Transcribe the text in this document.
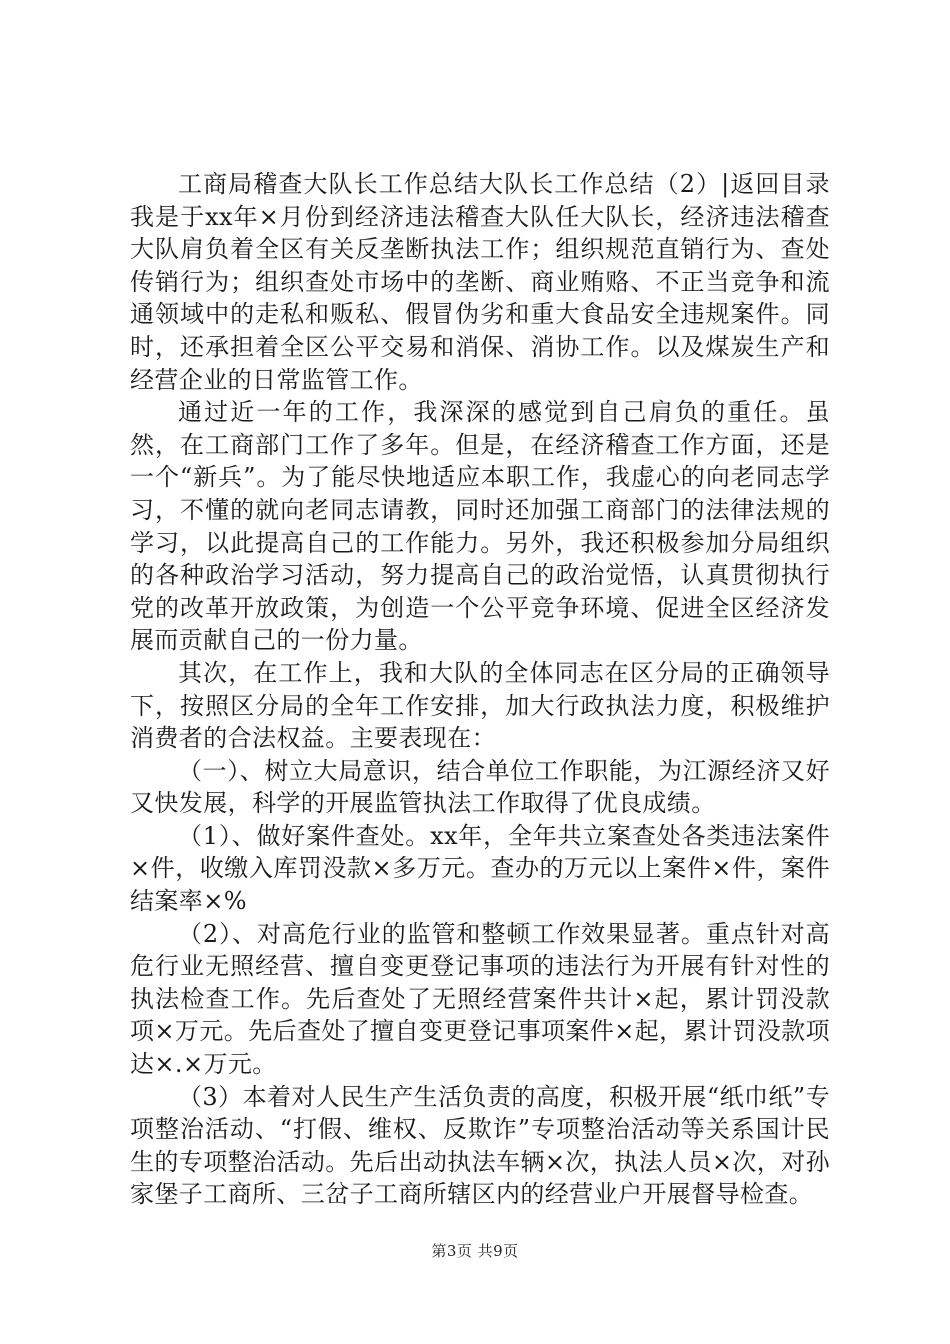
工商局稽查大队长工作总结大队长工作总结（2）|返回目录我是于xx年×月份到经济违法稽查大队任大队长，经济违法稽查大队肩负着全区有关反垄断执法工作；组织规范直销行为、查处传销行为；组织查处市场中的垄断、商业贿赂、不正当竞争和流通领域中的走私和贩私、假冒伪劣和重大食品安全违规案件。同时，还承担着全区公平交易和消保、消协工作。以及煤炭生产和经营企业的日常监管工作。

通过近一年的工作，我深深的感觉到自己肩负的重任。虽然，在工商部门工作了多年。但是，在经济稽查工作方面，还是一个“新兵”。为了能尽快地适应本职工作，我虚心的向老同志学习，不懂的就向老同志请教，同时还加强工商部门的法律法规的学习，以此提高自己的工作能力。另外，我还积极参加分局组织的各种政治学习活动，努力提高自己的政治觉悟，认真贯彻执行党的改革开放政策，为创造一个公平竞争环境、促进全区经济发展而贡献自己的一份力量。

其次，在工作上，我和大队的全体同志在区分局的正确领导下，按照区分局的全年工作安排，加大行政执法力度，积极维护消费者的合法权益。主要表现在：

（一）、树立大局意识，结合单位工作职能，为江源经济又好又快发展，科学的开展监管执法工作取得了优良成绩。

（1）、做好案件查处。xx年，全年共立案查处各类违法案件×件，收缴入库罚没款×多万元。查办的万元以上案件×件，案件结案率×%

（2）、对高危行业的监管和整顿工作效果显著。重点针对高危行业无照经营、擅自变更登记事项的违法行为开展有针对性的执法检查工作。先后查处了无照经营案件共计×起，累计罚没款项×万元。先后查处了擅自变更登记事项案件×起，累计罚没款项达×.×万元。

（3）本着对人民生产生活负责的高度，积极开展“纸巾纸”专项整治活动、“打假、维权、反欺诈”专项整治活动等关系国计民生的专项整治活动。先后出动执法车辆×次，执法人员×次，对孙家堡子工商所、三岔子工商所辖区内的经营业户开展督导检查。

第3页 共9页
